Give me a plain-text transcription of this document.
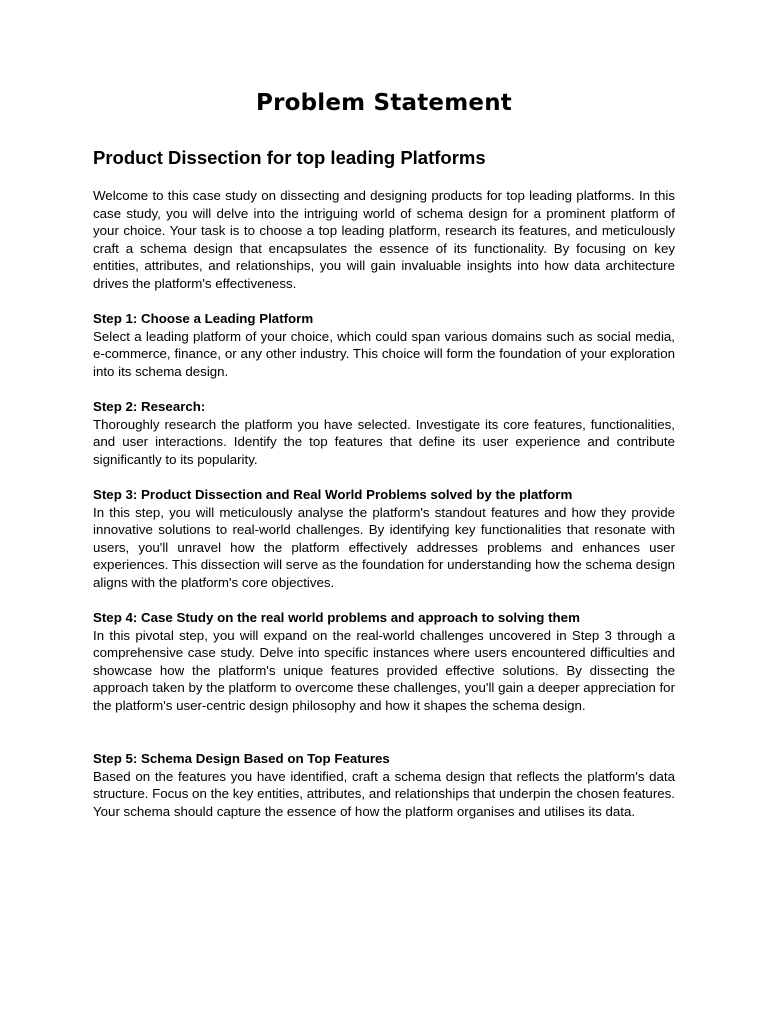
Problem Statement
Product Dissection for top leading Platforms

Welcome to this case study on dissecting and designing products for top leading platforms. In this case study, you will delve into the intriguing world of schema design for a prominent platform of your choice. Your task is to choose a top leading platform, research its features, and meticulously craft a schema design that encapsulates the essence of its functionality. By focusing on key entities, attributes, and relationships, you will gain invaluable insights into how data architecture drives the platform's effectiveness.

Step 1: Choose a Leading Platform

Select a leading platform of your choice, which could span various domains such as social media, e-commerce, finance, or any other industry. This choice will form the foundation of your exploration into its schema design.

Step 2: Research:

Thoroughly research the platform you have selected. Investigate its core features, functionalities, and user interactions. Identify the top features that define its user experience and contribute significantly to its popularity.

Step 3: Product Dissection and Real World Problems solved by the platform

In this step, you will meticulously analyse the platform's standout features and how they provide innovative solutions to real-world challenges. By identifying key functionalities that resonate with users, you'll unravel how the platform effectively addresses problems and enhances user experiences. This dissection will serve as the foundation for understanding how the schema design aligns with the platform's core objectives.

Step 4: Case Study on the real world problems and approach to solving them

In this pivotal step, you will expand on the real-world challenges uncovered in Step 3 through a comprehensive case study. Delve into specific instances where users encountered difficulties and showcase how the platform's unique features provided effective solutions. By dissecting the approach taken by the platform to overcome these challenges, you'll gain a deeper appreciation for the platform's user-centric design philosophy and how it shapes the schema design.

Step 5: Schema Design Based on Top Features

Based on the features you have identified, craft a schema design that reflects the platform's data structure. Focus on the key entities, attributes, and relationships that underpin the chosen features. Your schema should capture the essence of how the platform organises and utilises its data.
